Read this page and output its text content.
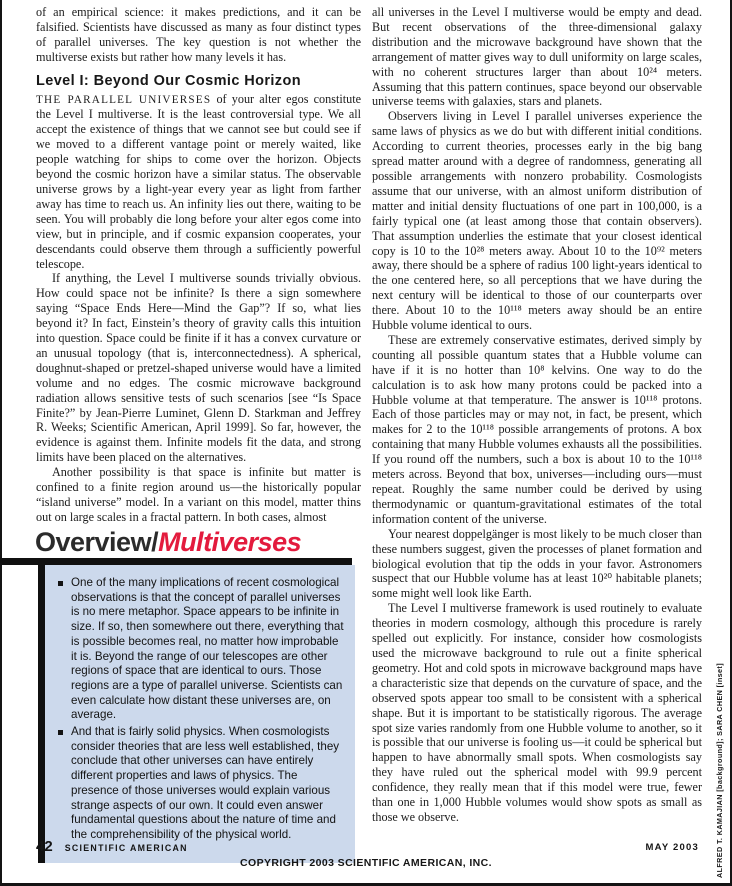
of an empirical science: it makes predictions, and it can be falsified. Scientists have discussed as many as four distinct types of parallel universes. The key question is not whether the multiverse exists but rather how many levels it has.

Level I: Beyond Our Cosmic Horizon

THE PARALLEL UNIVERSES of your alter egos constitute the Level I multiverse. It is the least controversial type. We all accept the existence of things that we cannot see but could see if we moved to a different vantage point or merely waited, like people watching for ships to come over the horizon. Objects beyond the cosmic horizon have a similar status. The observable universe grows by a light-year every year as light from farther away has time to reach us. An infinity lies out there, waiting to be seen. You will probably die long before your alter egos come into view, but in principle, and if cosmic expansion cooperates, your descendants could observe them through a sufficiently powerful telescope.

If anything, the Level I multiverse sounds trivially obvious. How could space not be infinite? Is there a sign somewhere saying “Space Ends Here—Mind the Gap”? If so, what lies beyond it? In fact, Einstein’s theory of gravity calls this intuition into question. Space could be finite if it has a convex curvature or an unusual topology (that is, interconnectedness). A spherical, doughnut-shaped or pretzel-shaped universe would have a limited volume and no edges. The cosmic microwave background radiation allows sensitive tests of such scenarios [see “Is Space Finite?” by Jean-Pierre Luminet, Glenn D. Starkman and Jeffrey R. Weeks; Scientific American, April 1999]. So far, however, the evidence is against them. Infinite models fit the data, and strong limits have been placed on the alternatives.

Another possibility is that space is infinite but matter is confined to a finite region around us—the historically popular “island universe” model. In a variant on this model, matter thins out on large scales in a fractal pattern. In both cases, almost

all universes in the Level I multiverse would be empty and dead. But recent observations of the three-dimensional galaxy distribution and the microwave background have shown that the arrangement of matter gives way to dull uniformity on large scales, with no coherent structures larger than about 10²⁴ meters. Assuming that this pattern continues, space beyond our observable universe teems with galaxies, stars and planets.

Observers living in Level I parallel universes experience the same laws of physics as we do but with different initial conditions. According to current theories, processes early in the big bang spread matter around with a degree of randomness, generating all possible arrangements with nonzero probability. Cosmologists assume that our universe, with an almost uniform distribution of matter and initial density fluctuations of one part in 100,000, is a fairly typical one (at least among those that contain observers). That assumption underlies the estimate that your closest identical copy is 10 to the 10²⁸ meters away. About 10 to the 10⁹² meters away, there should be a sphere of radius 100 light-years identical to the one centered here, so all perceptions that we have during the next century will be identical to those of our counterparts over there. About 10 to the 10¹¹⁸ meters away should be an entire Hubble volume identical to ours.

These are extremely conservative estimates, derived simply by counting all possible quantum states that a Hubble volume can have if it is no hotter than 10⁸ kelvins. One way to do the calculation is to ask how many protons could be packed into a Hubble volume at that temperature. The answer is 10¹¹⁸ protons. Each of those particles may or may not, in fact, be present, which makes for 2 to the 10¹¹⁸ possible arrangements of protons. A box containing that many Hubble volumes exhausts all the possibilities. If you round off the numbers, such a box is about 10 to the 10¹¹⁸ meters across. Beyond that box, universes—including ours—must repeat. Roughly the same number could be derived by using thermodynamic or quantum-gravitational estimates of the total information content of the universe.

Your nearest doppelgänger is most likely to be much closer than these numbers suggest, given the processes of planet formation and biological evolution that tip the odds in your favor. Astronomers suspect that our Hubble volume has at least 10²⁰ habitable planets; some might well look like Earth.

The Level I multiverse framework is used routinely to evaluate theories in modern cosmology, although this procedure is rarely spelled out explicitly. For instance, consider how cosmologists used the microwave background to rule out a finite spherical geometry. Hot and cold spots in microwave background maps have a characteristic size that depends on the curvature of space, and the observed spots appear too small to be consistent with a spherical shape. But it is important to be statistically rigorous. The average spot size varies randomly from one Hubble volume to another, so it is possible that our universe is fooling us—it could be spherical but happen to have abnormally small spots. When cosmologists say they have ruled out the spherical model with 99.9 percent confidence, they really mean that if this model were true, fewer than one in 1,000 Hubble volumes would show spots as small as those we observe.

Overview/Multiverses
One of the many implications of recent cosmological observations is that the concept of parallel universes is no mere metaphor. Space appears to be infinite in size. If so, then somewhere out there, everything that is possible becomes real, no matter how improbable it is. Beyond the range of our telescopes are other regions of space that are identical to ours. Those regions are a type of parallel universe. Scientists can even calculate how distant these universes are, on average.
And that is fairly solid physics. When cosmologists consider theories that are less well established, they conclude that other universes can have entirely different properties and laws of physics. The presence of those universes would explain various strange aspects of our own. It could even answer fundamental questions about the nature of time and the comprehensibility of the physical world.
42 SCIENTIFIC AMERICAN	MAY 2003
COPYRIGHT 2003 SCIENTIFIC AMERICAN, INC.	ALFRED T. KAMAJIAN [background]; SARA CHEN [inset]
